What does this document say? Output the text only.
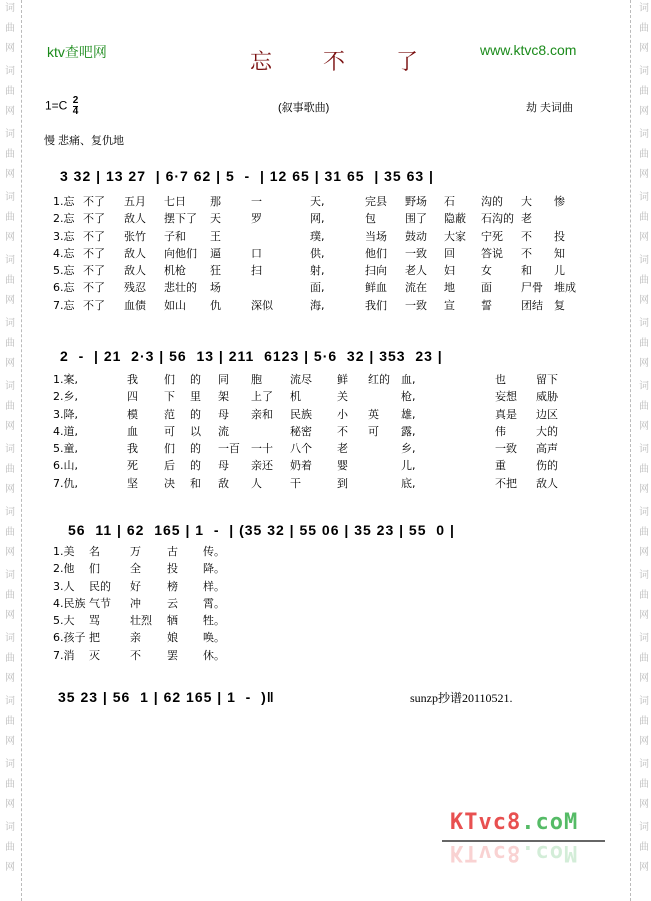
词
曲
网
词
曲
网
词
曲
网
词
曲
网
词
曲
网
词
曲
网
词
曲
网
词
曲
网
词
曲
网
词
曲
网
词
曲
网
词
曲
网
词
曲
网
词
曲
网
词
曲
网
词
曲
网
词
曲
网
词
曲
网
词
曲
网
词
曲
网
词
曲
网
词
曲
网
词
曲
网
词
曲
网
词
曲
网
词
曲
网
词
曲
网
词
曲
网
ktv查吧网	忘 不 了	www.ktvc8.com
$1=C \frac{2}{4}$	(叙事歌曲)	劫 夫词曲
慢 悲痛、复仇地
3 32 | 13 27  | 6·7 62 | 5  -  | 12 65 | 31 65  | 35 63 |
1.忘 不了 五月 七日 那	一	天,	完县 野场 石 沟的 大 惨
2.忘 不了 敌人 摆下了 天	罗	网,	包	围了 隐蔽 石沟的 老
3.忘 不了 张竹 子和 王	璞,	当场 鼓动 大家 宁死 不 投
4.忘 不了 敌人 向他们 逼	口	供,	他们 一致 回 答说 不 知
5.忘 不了 敌人 机枪 狂	扫	射,	扫向 老人 妇 女	和 儿
6.忘 不了 残忍 悲壮的 场	面,	鲜血 流在 地 面	尸骨 堆成
7.忘 不了 血债 如山 仇	深似	海,	我们 一致 宣 誓	团结 复
2  -  | 21  2·3 | 56  13 | 211  6123 | 5·6  32 | 353  23 |
1.案,	我 们 的 同 胞	流尽 鲜 红的 血,	也	留下
2.乡,	四 下 里 架 上了 机	关	枪,	妄想 威胁
3.降,	模 范 的 母 亲和 民族 小 英 雄,	真是 边区
4.道,	血 可 以 流	秘密 不 可 露,	伟	大的
5.童,	我 们 的 一百 一十 八个 老	乡,	一致 高声
6.山,	死 后 的 母 亲还 奶着 婴	儿,	重	伤的
7.仇,	坚 决 和 敌 人	干	到	底,	不把 敌人
56  11 | 62  165 | 1  -  | (35 32 | 55 06 | 35 23 | 55  0 |
1.美 名	万 古 传。
2.他 们	全 投 降。
3.人 民的 好 榜 样。
4.民族 气节 冲 云 霄。
5.大 骂	壮烈 牺 牲。
6.孩子 把	亲 娘 唤。
7.消 灭	不 罢 休。
35 23 | 56  1 | 62 165 | 1  -  )‖	sunzp抄谱20110521.
KTvc8.coM
KTvc8.coM
